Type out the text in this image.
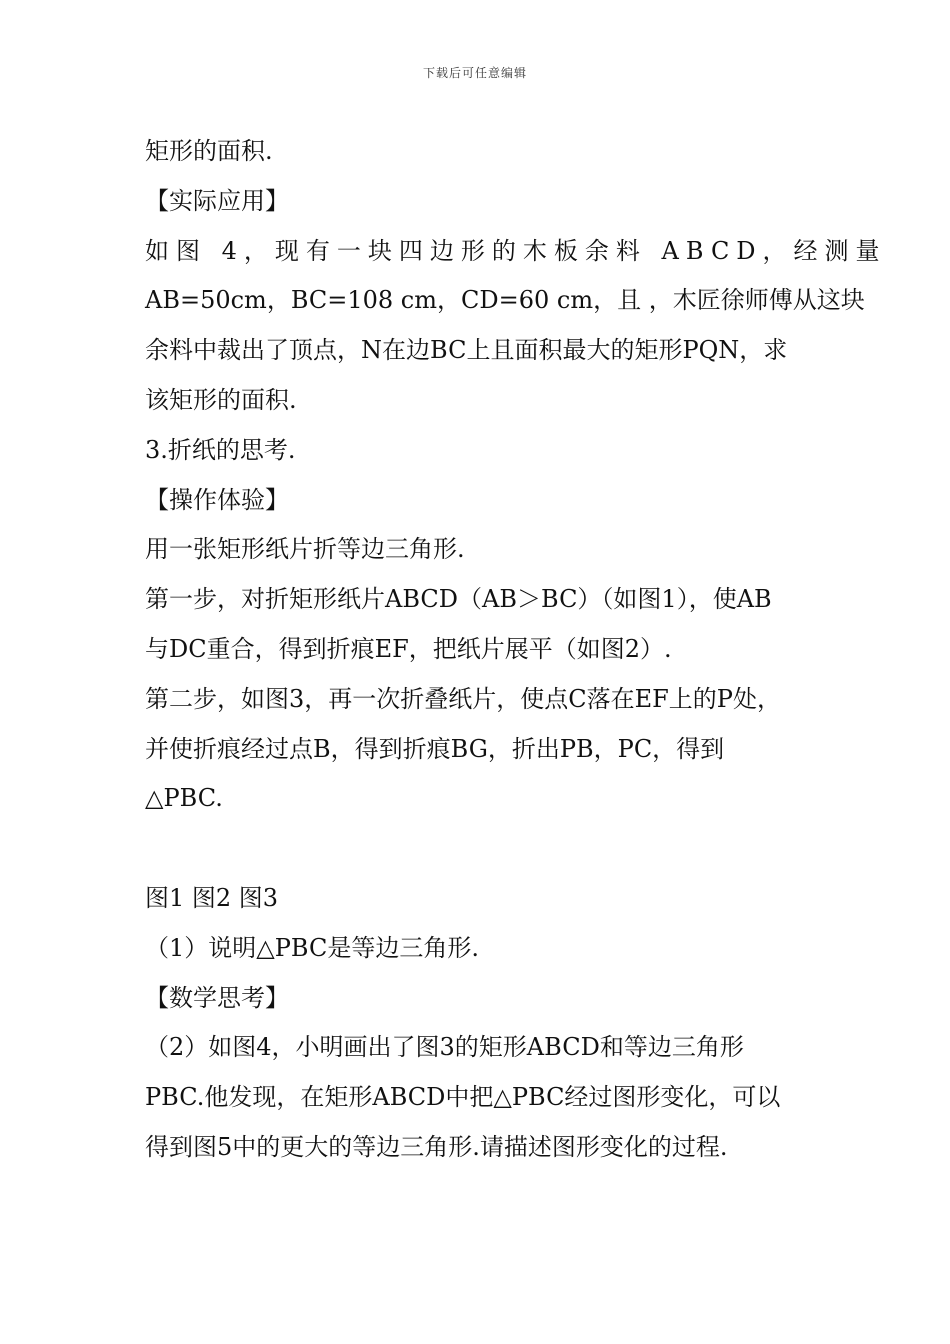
下载后可任意编辑
矩形的面积.
【实际应用】
如图 4，现有一块四边形的木板余料 ABCD，经测量
AB=50cm，BC=108 cm，CD=60 cm，且 ，木匠徐师傅从这块
余料中裁出了顶点，N在边BC上且面积最大的矩形PQN，求
该矩形的面积.
3.折纸的思考.
【操作体验】
用一张矩形纸片折等边三角形.
第一步，对折矩形纸片ABCD（AB＞BC）（如图1），使AB
与DC重合，得到折痕EF，把纸片展平（如图2）.
第二步，如图3，再一次折叠纸片，使点C落在EF上的P处，
并使折痕经过点B，得到折痕BG，折出PB，PC，得到
△PBC.
图1 图2 图3
（1）说明△PBC是等边三角形.
【数学思考】
（2）如图4，小明画出了图3的矩形ABCD和等边三角形
PBC.他发现，在矩形ABCD中把△PBC经过图形变化，可以
得到图5中的更大的等边三角形.请描述图形变化的过程.
